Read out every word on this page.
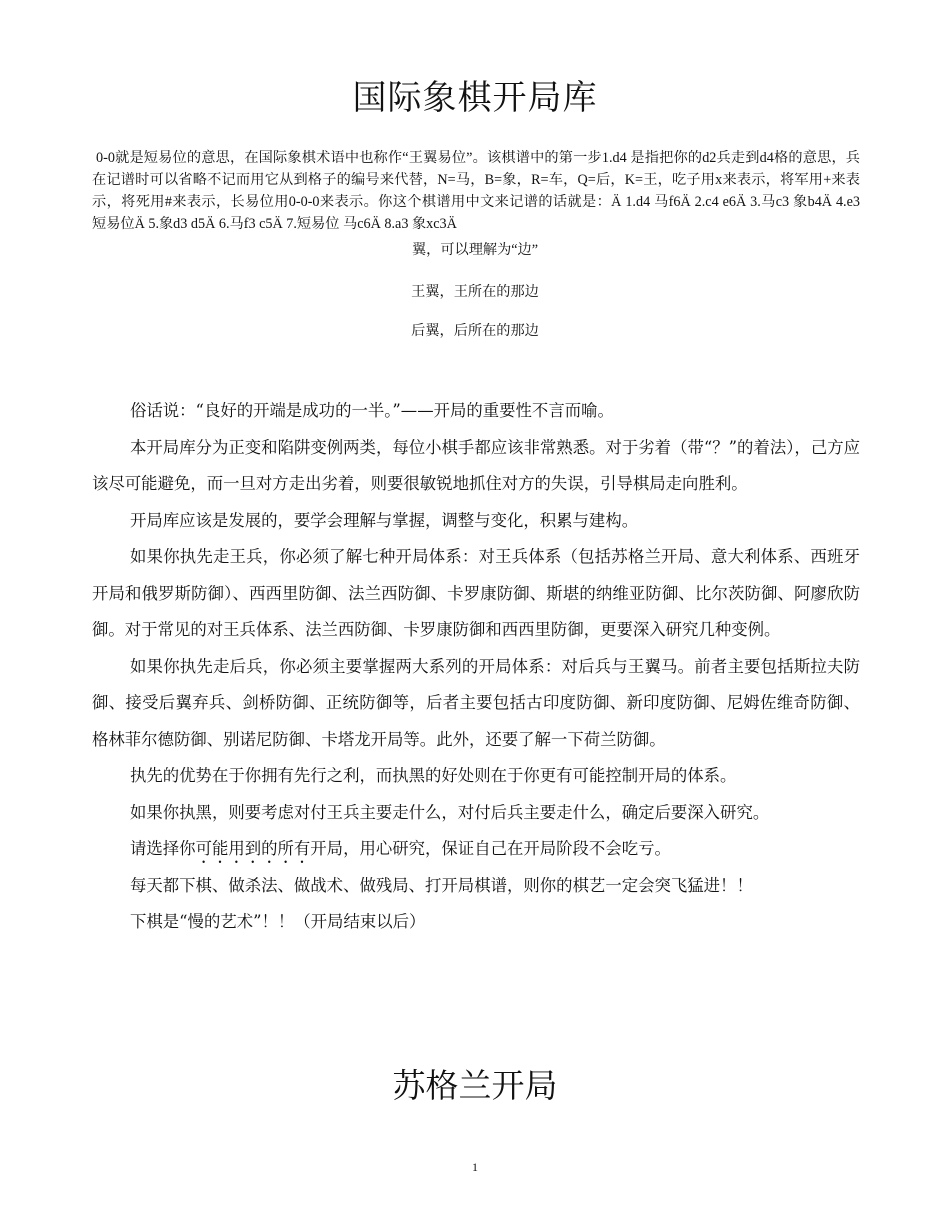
国际象棋开局库

0-0就是短易位的意思，在国际象棋术语中也称作“王翼易位”。该棋谱中的第一步1.d4 是指把你的d2兵走到d4格的意思，兵在记谱时可以省略不记而用它从到格子的编号来代替，N=马，B=象，R=车，Q=后，K=王，吃子用x来表示，将军用+来表示，将死用#来表示，长易位用0-0-0来表示。你这个棋谱用中文来记谱的话就是：Ä 1.d4 马f6Ä 2.c4 e6Ä 3.马c3 象b4Ä 4.e3 短易位Ä 5.象d3 d5Ä 6.马f3 c5Ä 7.短易位 马c6Ä 8.a3 象xc3Ä

翼，可以理解为“边”

王翼，王所在的那边

后翼，后所在的那边

俗话说：“良好的开端是成功的一半。”——开局的重要性不言而喻。

本开局库分为正变和陷阱变例两类，每位小棋手都应该非常熟悉。对于劣着（带“？”的着法），己方应该尽可能避免，而一旦对方走出劣着，则要很敏锐地抓住对方的失误，引导棋局走向胜利。

开局库应该是发展的，要学会理解与掌握，调整与变化，积累与建构。

如果你执先走王兵，你必须了解七种开局体系：对王兵体系（包括苏格兰开局、意大利体系、西班牙开局和俄罗斯防御）、西西里防御、法兰西防御、卡罗康防御、斯堪的纳维亚防御、比尔茨防御、阿廖欣防御。对于常见的对王兵体系、法兰西防御、卡罗康防御和西西里防御，更要深入研究几种变例。

如果你执先走后兵，你必须主要掌握两大系列的开局体系：对后兵与王翼马。前者主要包括斯拉夫防御、接受后翼弃兵、剑桥防御、正统防御等，后者主要包括古印度防御、新印度防御、尼姆佐维奇防御、格林菲尔德防御、别诺尼防御、卡塔龙开局等。此外，还要了解一下荷兰防御。

执先的优势在于你拥有先行之利，而执黑的好处则在于你更有可能控制开局的体系。

如果你执黑，则要考虑对付王兵主要走什么，对付后兵主要走什么，确定后要深入研究。

请选择你可能用到的所有开局，用心研究，保证自己在开局阶段不会吃亏。

每天都下棋、做杀法、做战术、做残局、打开局棋谱，则你的棋艺一定会突飞猛进！！

下棋是“慢的艺术”！！（开局结束以后）

苏格兰开局
1
